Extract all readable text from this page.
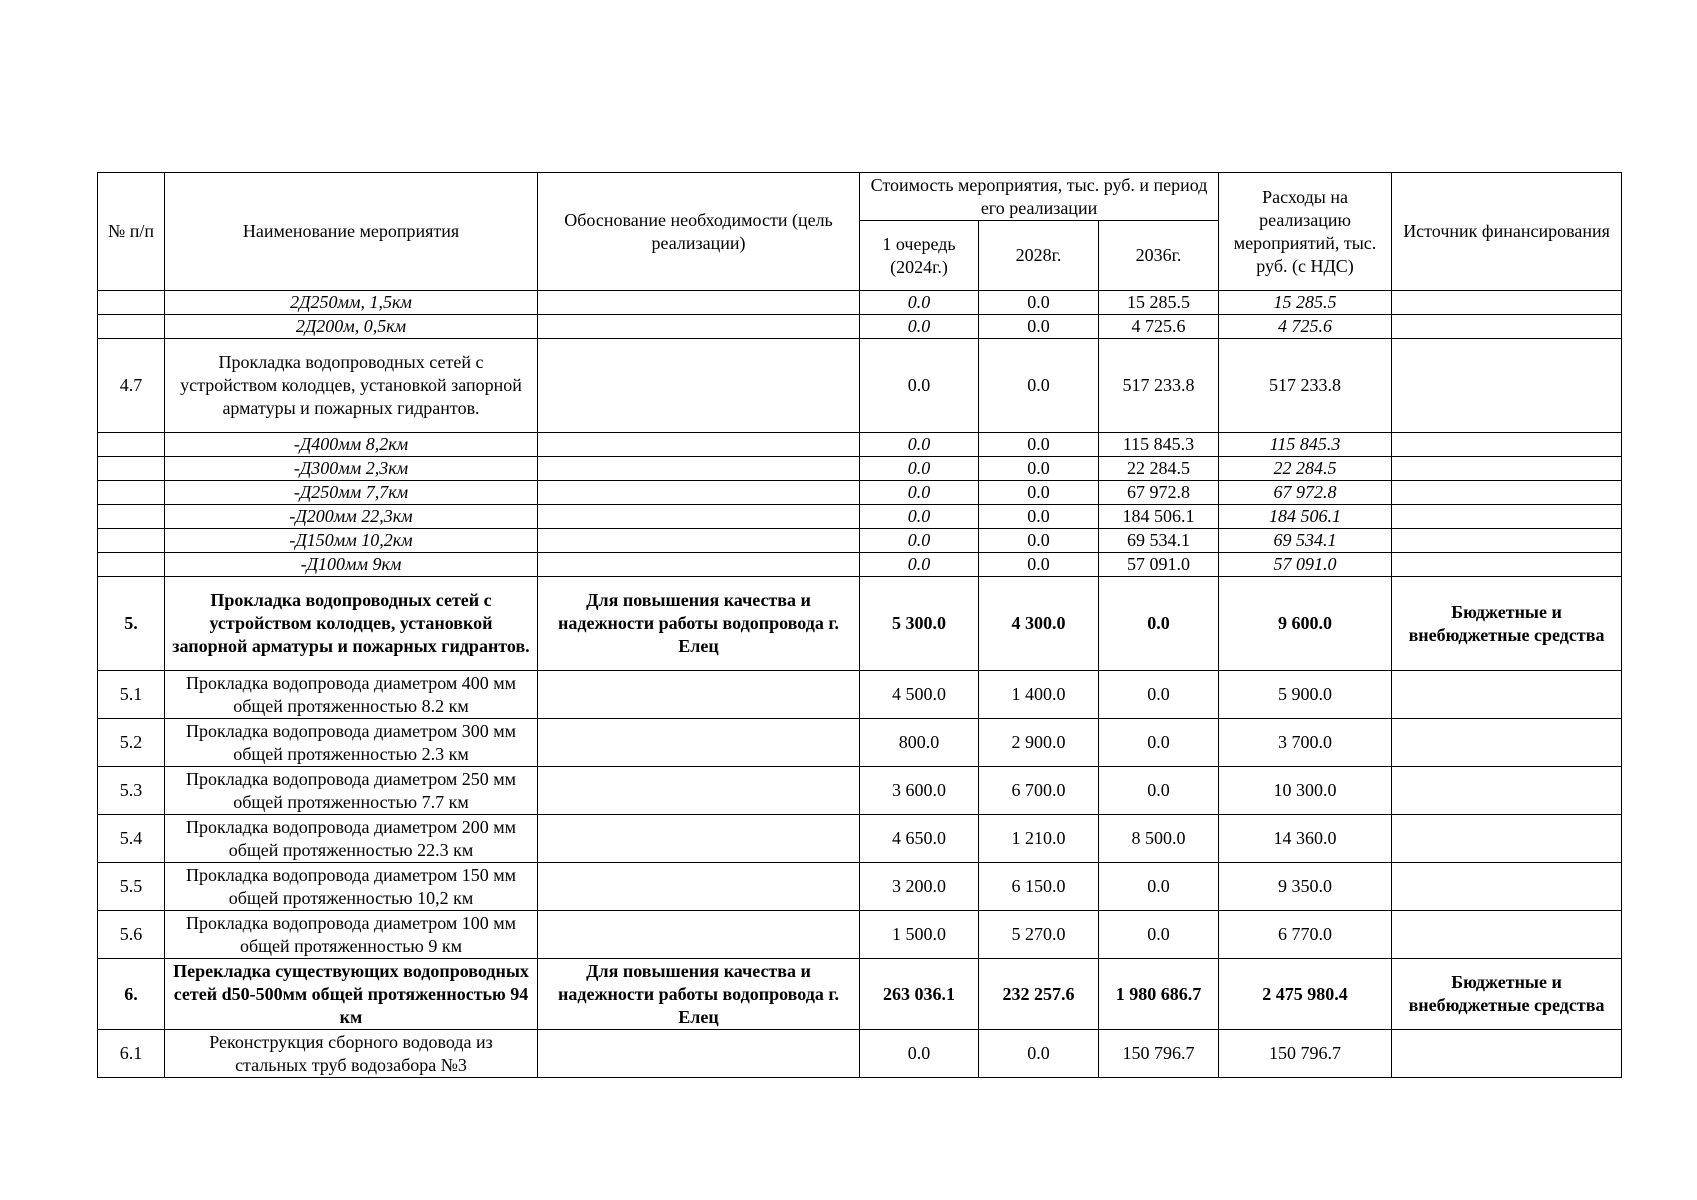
№ п/п	Наименование мероприятия	Обоснование необходимости (цель реализации)	Стоимость мероприятия, тыс. руб. и период его реализации			Расходы на реализацию мероприятий, тыс. руб. (с НДС)	Источник финансирования
			1 очередь (2024г.)	2028г.	2036г.		
	2Д250мм, 1,5км		0.0	0.0	15 285.5	15 285.5	
	2Д200м, 0,5км		0.0	0.0	4 725.6	4 725.6	
4.7	Прокладка водопроводных сетей с устройством колодцев, установкой запорной арматуры и пожарных гидрантов.		0.0	0.0	517 233.8	517 233.8	
	-Д400мм 8,2км		0.0	0.0	115 845.3	115 845.3	
	-Д300мм 2,3км		0.0	0.0	22 284.5	22 284.5	
	-Д250мм 7,7км		0.0	0.0	67 972.8	67 972.8	
	-Д200мм 22,3км		0.0	0.0	184 506.1	184 506.1	
	-Д150мм 10,2км		0.0	0.0	69 534.1	69 534.1	
	-Д100мм 9км		0.0	0.0	57 091.0	57 091.0	
5.	Прокладка водопроводных сетей с устройством колодцев, установкой запорной арматуры и пожарных гидрантов.	Для повышения качества и надежности работы водопровода г. Елец	5 300.0	4 300.0	0.0	9 600.0	Бюджетные и внебюджетные средства
5.1	Прокладка водопровода диаметром 400 мм общей протяженностью 8.2 км		4 500.0	1 400.0	0.0	5 900.0	
5.2	Прокладка водопровода диаметром 300 мм общей протяженностью 2.3 км		800.0	2 900.0	0.0	3 700.0	
5.3	Прокладка водопровода диаметром 250 мм общей протяженностью 7.7 км		3 600.0	6 700.0	0.0	10 300.0	
5.4	Прокладка водопровода диаметром 200 мм общей протяженностью 22.3 км		4 650.0	1 210.0	8 500.0	14 360.0	
5.5	Прокладка водопровода диаметром 150 мм общей протяженностью 10,2 км		3 200.0	6 150.0	0.0	9 350.0	
5.6	Прокладка водопровода диаметром 100 мм общей протяженностью 9 км		1 500.0	5 270.0	0.0	6 770.0	
6.	Перекладка существующих водопроводных сетей d50-500мм общей протяженностью 94 км	Для повышения качества и надежности работы водопровода г. Елец	263 036.1	232 257.6	1 980 686.7	2 475 980.4	Бюджетные и внебюджетные средства
6.1	Реконструкция сборного водовода из стальных труб водозабора №3		0.0	0.0	150 796.7	150 796.7	
